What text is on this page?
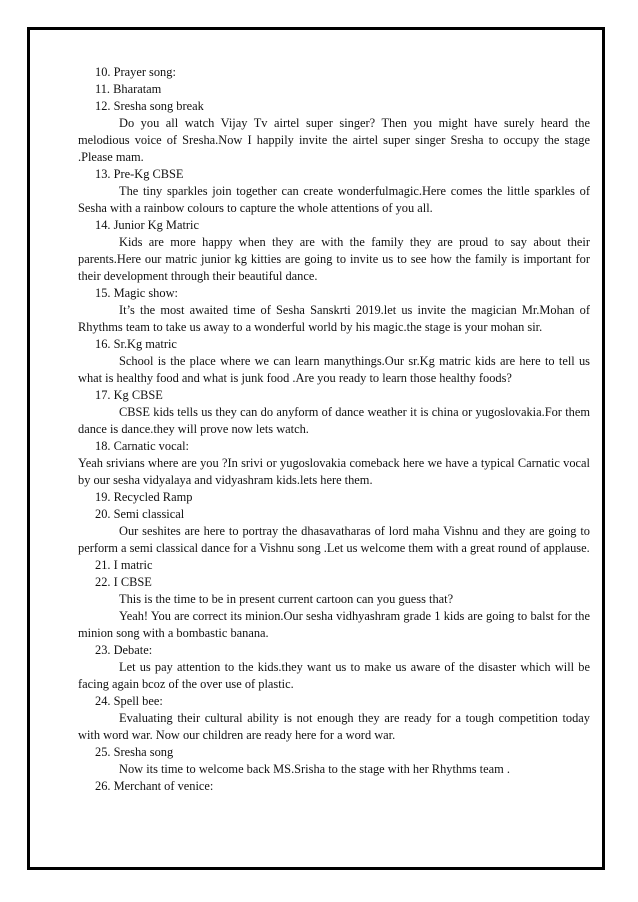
10. Prayer song:
11. Bharatam
12. Sresha song break
Do you all watch Vijay Tv airtel super singer? Then you might have surely heard the melodious voice of Sresha.Now I happily invite the airtel super singer Sresha to occupy the stage .Please mam.
13. Pre-Kg CBSE
The tiny sparkles join together can create wonderfulmagic.Here comes the little sparkles of Sesha with a rainbow colours to capture the whole attentions of you all.
14. Junior Kg Matric
Kids are more happy when they are with the family they are proud to say about their parents.Here our matric junior kg kitties are going to invite us to see how the family is important for their development through their beautiful dance.
15. Magic show:
It’s the most awaited time of Sesha Sanskrti 2019.let us invite the magician Mr.Mohan of Rhythms team to take us away to a wonderful world by his magic.the stage is your mohan sir.
16. Sr.Kg matric
School is the place where we can learn manythings.Our sr.Kg matric kids are here to tell us what is healthy food and what is junk food .Are you ready to learn those healthy foods?
17. Kg CBSE
CBSE kids tells us they can do anyform of dance weather it is china or yugoslovakia.For them dance is dance.they will prove now lets watch.
18. Carnatic vocal:
Yeah srivians where are you ?In srivi or yugoslovakia comeback here we have a typical Carnatic vocal by our sesha vidyalaya and vidyashram kids.lets here them.
19. Recycled Ramp
20. Semi classical
Our seshites are here to portray the dhasavatharas of lord maha Vishnu and they are going to perform a semi classical dance for a Vishnu song .Let us welcome them with a great round of applause.
21. I matric
22. I CBSE
This is the time to be in present current cartoon can you guess that?
Yeah! You are correct its minion.Our sesha vidhyashram grade 1 kids are going to balst for the minion song with a bombastic banana.
23. Debate:
Let us pay attention to the kids.they want us to make us aware of the disaster which will be facing again bcoz of the over use of plastic.
24. Spell bee:
Evaluating their cultural ability is not enough they are ready for a tough competition today with word war. Now our children are ready here for a word war.
25. Sresha song
Now its time to welcome back MS.Srisha to the stage with her Rhythms team .
26. Merchant of venice:
